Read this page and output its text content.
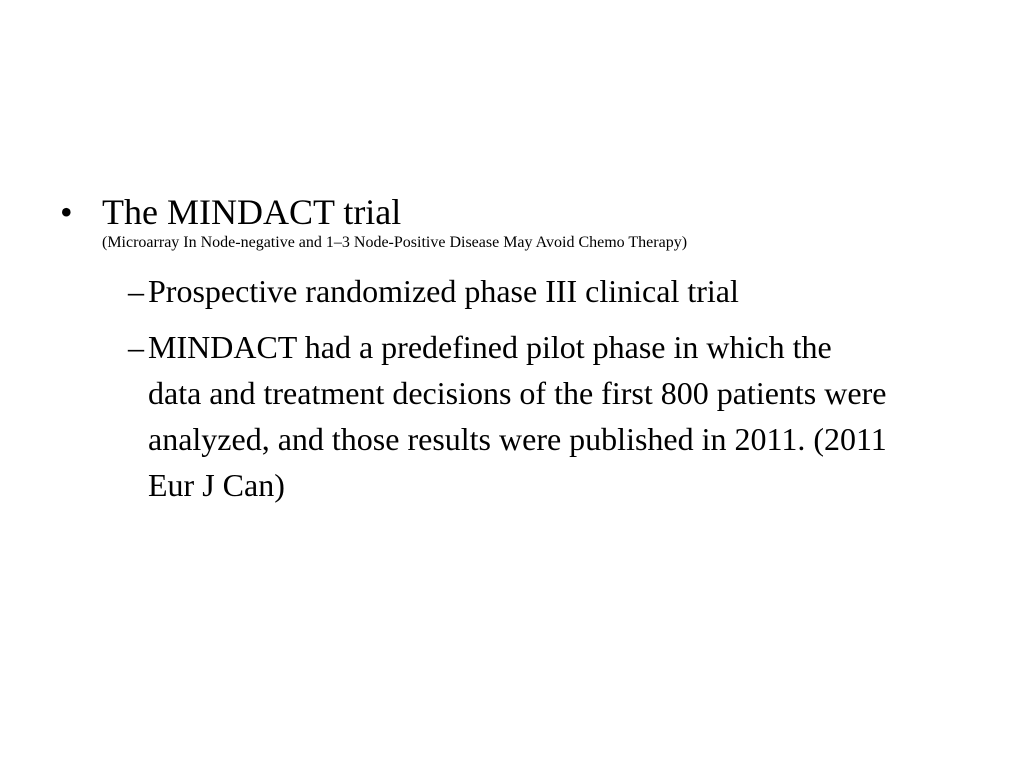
• The MINDACT trial
(Microarray In Node-negative and 1–3 Node-Positive Disease May Avoid Chemo Therapy)
– Prospective randomized phase III clinical trial
– MINDACT had a predefined pilot phase in which the data and treatment decisions of the first 800 patients were analyzed, and those results were published in 2011. (2011 Eur J Can)
